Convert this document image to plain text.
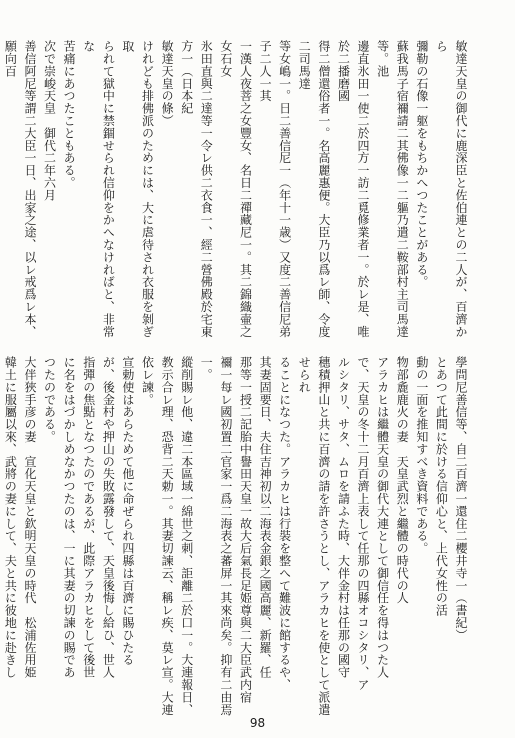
敏達天皇の御代に鹿深臣と佐伯連との二人が、百濟から
彌勒の石像一躯をもちかへつたことがある。
蘇我馬子宿禰請二其佛像一二軀乃遣二鞍部村主司馬達等。池
邊直氷田一使二於四方一訪二覓修業者一。於レ是、唯於二播磨國
得二僧還俗者一。名高麗惠便。大臣乃以爲レ師、令度二司馬達
等女嶋一。日二善信尼一（年十一歳）又度二善信尼弟子二人一其
一漢人夜菩之女豐女、名日二禪藏尼一。其二錦織壷之女石女
氷田直與二達等一令レ供二衣食一、經二營佛殿於宅東方一（日本紀
敏達天皇の條）
けれども排佛派のためには、大に虐待され衣服を剝ぎ取
られて獄中に禁錮せられ信仰をかへなければと、非常な
苦痛にあつたこともある。
次で崇峻天皇　御代二年六月
善信阿尼等謂二大臣一日、出家之途、以レ戒爲レ本、願向百

學問尼善信等、自二百濟一還住二櫻井寺一（書紀）
とあつて此間に於ける信仰心と、上代女性の活
動の一面を推知すべき資料である。
物部麁鹿火の妻　天皇武烈と繼體の時代の人
アラカヒは繼體天皇の御代大連として御信任を得はつた人
で、天皇の冬十二月百濟上表して任那の四縣オコシタリ、ア
ルシタリ、サタ、ムロを請ふた時、大伴金村は任那の國守
穗積押山と共に百濟の請を許さうとし、アラカヒを使として派遣せられ
ることになつた。アラカヒは行裝を整へて難波に館するや、
其妻固要日、夫住吉神初以二海表金銀之國高麗、新羅、任
那等一授二記胎中譽田天皇一故大后氣長足姫尊與二大臣武内宿
禰一每レ國初置二官家一爲二海表之蕃屏一其來尚矣。抑有二由焉一。
縱削賜レ他、違二本區域一綿世之刺、詎離二於口一。大連報日、
教示合レ理、恐背二天勅一。其妻切諫云、稱レ疾、莫レ宣。大連依レ諫。
宣勅使はあらためて他に命ぜられ四縣は百濟に賜ひたる
が、後金村や押山の失敗露發して、天皇後悔し給ひ、世人
指彈の焦點となつたのであるが、此際アラカヒをして後世
に名をはづかしめなかつたのは、一に其妻の切諫の賜であ
つたのである。
大伴狹手彦の妻　宣化天皇と欽明天皇の時代　松浦佐用姫
韓土に服屬以來、武將の妻にして、夫と共に彼地に赴きし
98
